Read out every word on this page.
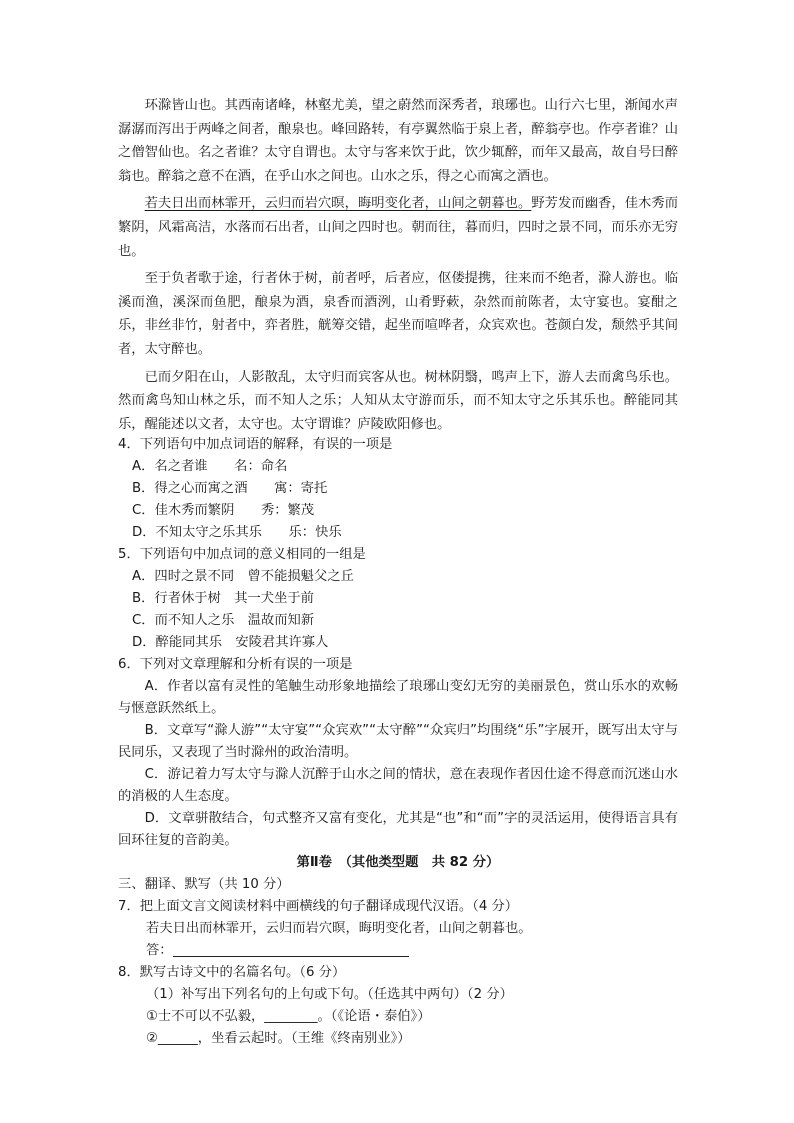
环滁皆山也。其西南诸峰，林壑尤美，望之蔚然而深秀者，琅琊也。山行六七里，渐闻水声潺潺而泻出于两峰之间者，酿泉也。峰回路转，有亭翼然临于泉上者，醉翁亭也。作亭者谁？山之僧智仙也。名之者谁？太守自谓也。太守与客来饮于此，饮少辄醉，而年又最高，故自号曰醉翁也。醉翁之意不在酒，在乎山水之间也。山水之乐，得之心而寓之酒也。

若夫日出而林霏开，云归而岩穴暝，晦明变化者，山间之朝暮也。野芳发而幽香，佳木秀而繁阴，风霜高洁，水落而石出者，山间之四时也。朝而往，暮而归，四时之景不同，而乐亦无穷也。

至于负者歌于途，行者休于树，前者呼，后者应，伛偻提携，往来而不绝者，滁人游也。临溪而渔，溪深而鱼肥，酿泉为酒，泉香而酒洌，山肴野蔌，杂然而前陈者，太守宴也。宴酣之乐，非丝非竹，射者中，弈者胜，觥筹交错，起坐而喧哗者，众宾欢也。苍颜白发，颓然乎其间者，太守醉也。

已而夕阳在山，人影散乱，太守归而宾客从也。树林阴翳，鸣声上下，游人去而禽鸟乐也。然而禽鸟知山林之乐，而不知人之乐；人知从太守游而乐，而不知太守之乐其乐也。醉能同其乐，醒能述以文者，太守也。太守谓谁？庐陵欧阳修也。

4．下列语句中加点词语的解释，有误的一项是

A．名之者谁　　名：命名

B．得之心而寓之酒　　寓：寄托

C．佳木秀而繁阴　　秀：繁茂

D．不知太守之乐其乐　　乐：快乐

5．下列语句中加点词的意义相同的一组是

A．四时之景不同　曾不能损魁父之丘

B．行者休于树　其一犬坐于前

C．而不知人之乐　温故而知新

D．醉能同其乐　安陵君其许寡人

6．下列对文章理解和分析有误的一项是

A．作者以富有灵性的笔触生动形象地描绘了琅琊山变幻无穷的美丽景色，赏山乐水的欢畅与惬意跃然纸上。

B．文章写“滁人游”“太守宴”“众宾欢”“太守醉”“众宾归”均围绕“乐”字展开，既写出太守与民同乐，又表现了当时滁州的政治清明。

C．游记着力写太守与滁人沉醉于山水之间的情状，意在表现作者因仕途不得意而沉迷山水的消极的人生态度。

D．文章骈散结合，句式整齐又富有变化，尤其是“也”和“而”字的灵活运用，使得语言具有回环往复的音韵美。

第Ⅱ卷　（其他类型题　共 82 分）

三、翻译、默写（共 10 分）

7．把上面文言文阅读材料中画横线的句子翻译成现代汉语。（4 分）

若夫日出而林霏开，云归而岩穴暝，晦明变化者，山间之朝暮也。

答：

8．默写古诗文中的名篇名句。（6 分）

（1）补写出下列名句的上句或下句。（任选其中两句）（2 分）

①士不可以不弘毅，________。（《论语・泰伯》）

②______，坐看云起时。（王维《终南别业》）
